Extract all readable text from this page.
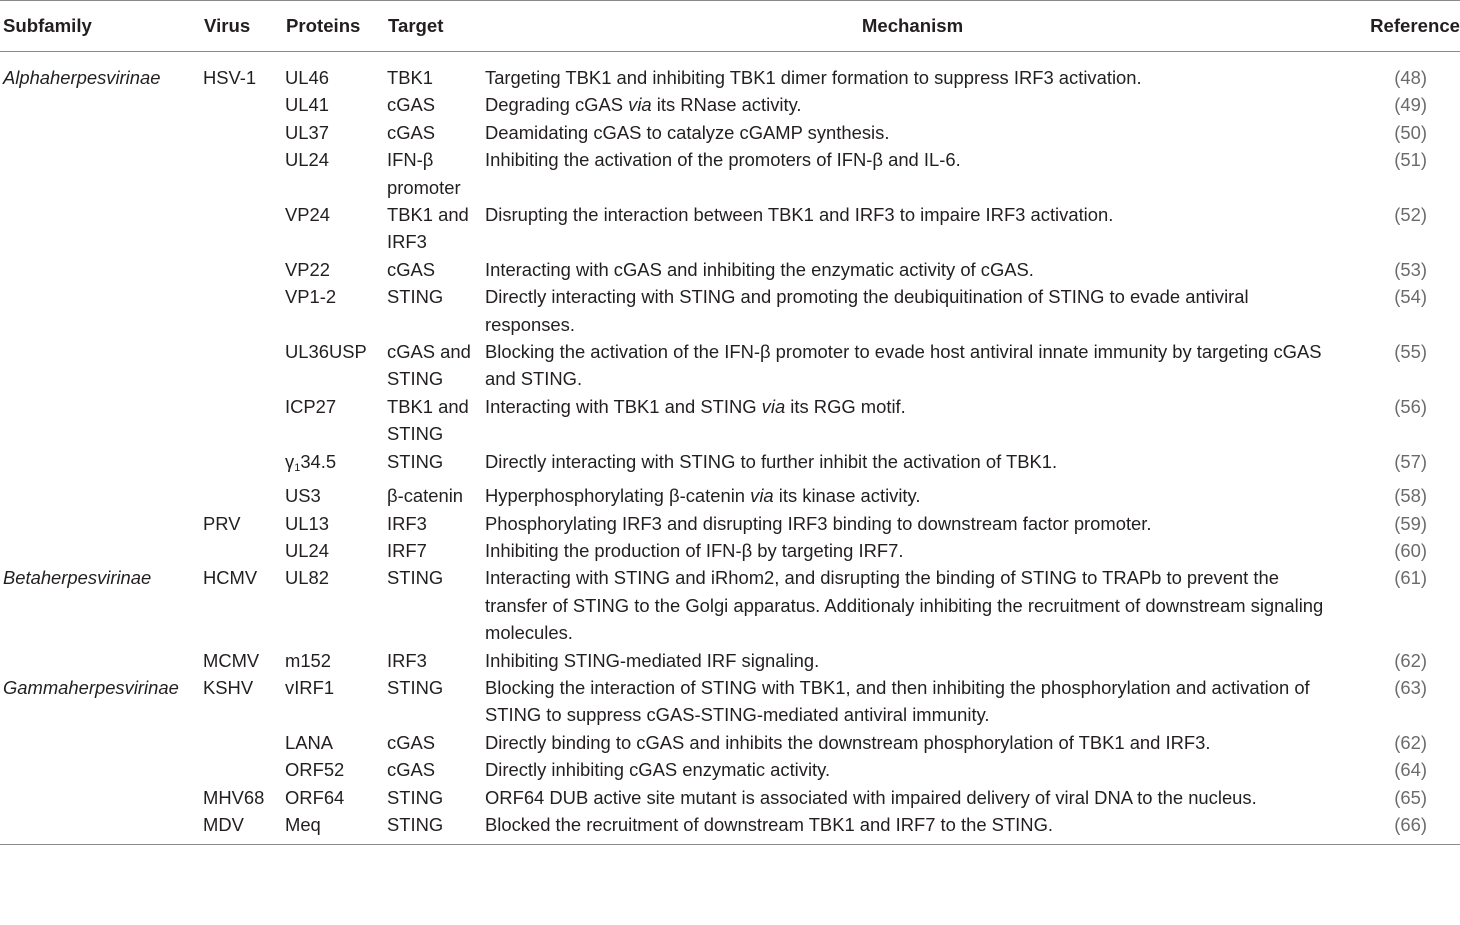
Subfamily	Virus	Proteins	Target	Mechanism	Reference
Alphaherpesvirinae	HSV-1	UL46	TBK1	Targeting TBK1 and inhibiting TBK1 dimer formation to suppress IRF3 activation.	(48)
		UL41	cGAS	Degrading cGAS via its RNase activity.	(49)
		UL37	cGAS	Deamidating cGAS to catalyze cGAMP synthesis.	(50)
		UL24	IFN-β promoter	Inhibiting the activation of the promoters of IFN-β and IL-6.	(51)
		VP24	TBK1 and IRF3	Disrupting the interaction between TBK1 and IRF3 to impaire IRF3 activation.	(52)
		VP22	cGAS	Interacting with cGAS and inhibiting the enzymatic activity of cGAS.	(53)
		VP1-2	STING	Directly interacting with STING and promoting the deubiquitination of STING to evade antiviral responses.	(54)
		UL36USP	cGAS and STING	Blocking the activation of the IFN-β promoter to evade host antiviral innate immunity by targeting cGAS and STING.	(55)
		ICP27	TBK1 and STING	Interacting with TBK1 and STING via its RGG motif.	(56)
		$\gamma_134.5$	STING	Directly interacting with STING to further inhibit the activation of TBK1.	(57)
		US3	β-catenin	Hyperphosphorylating β-catenin via its kinase activity.	(58)
	PRV	UL13	IRF3	Phosphorylating IRF3 and disrupting IRF3 binding to downstream factor promoter.	(59)
		UL24	IRF7	Inhibiting the production of IFN-β by targeting IRF7.	(60)
Betaherpesvirinae	HCMV	UL82	STING	Interacting with STING and iRhom2, and disrupting the binding of STING to TRAPb to prevent the transfer of STING to the Golgi apparatus. Additionaly inhibiting the recruitment of downstream signaling molecules.	(61)
	MCMV	m152	IRF3	Inhibiting STING-mediated IRF signaling.	(62)
Gammaherpesvirinae	KSHV	vIRF1	STING	Blocking the interaction of STING with TBK1, and then inhibiting the phosphorylation and activation of STING to suppress cGAS-STING-mediated antiviral immunity.	(63)
		LANA	cGAS	Directly binding to cGAS and inhibits the downstream phosphorylation of TBK1 and IRF3.	(62)
		ORF52	cGAS	Directly inhibiting cGAS enzymatic activity.	(64)
	MHV68	ORF64	STING	ORF64 DUB active site mutant is associated with impaired delivery of viral DNA to the nucleus.	(65)
	MDV	Meq	STING	Blocked the recruitment of downstream TBK1 and IRF7 to the STING.	(66)
